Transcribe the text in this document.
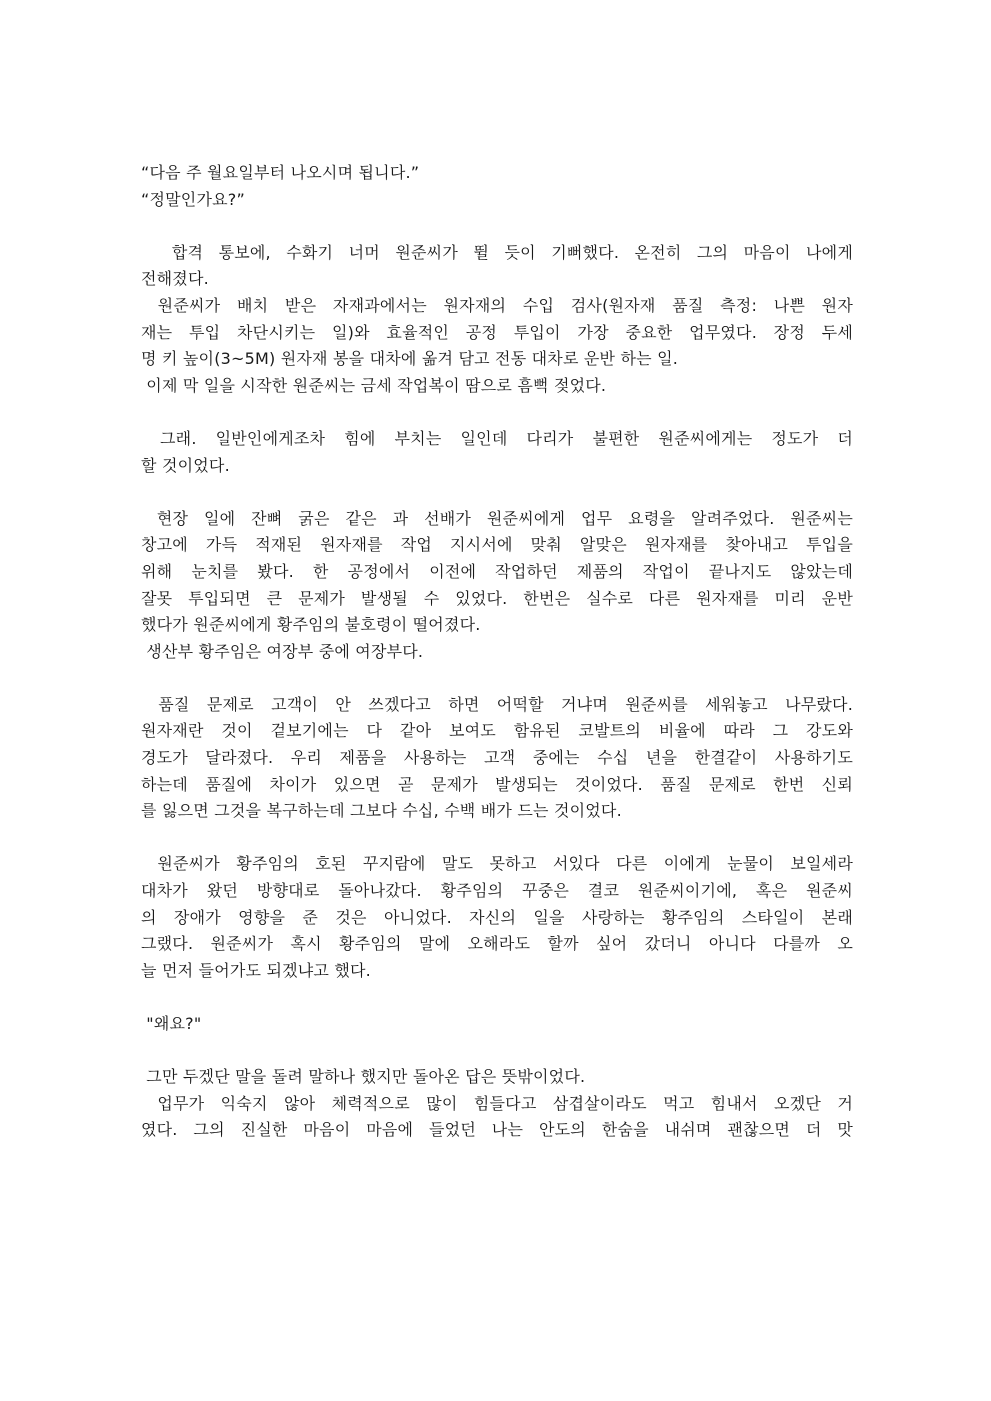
“다음 주 월요일부터 나오시며 됩니다.”
“정말인가요?”
합격 통보에, 수화기 너머 원준씨가 뛸 듯이 기뻐했다. 온전히 그의 마음이 나에게
전해졌다.
원준씨가 배치 받은 자재과에서는 원자재의 수입 검사(원자재 품질 측정: 나쁜 원자
재는 투입 차단시키는 일)와 효율적인 공정 투입이 가장 중요한 업무였다. 장정 두세
명 키 높이(3~5M) 원자재 봉을 대차에 옮겨 담고 전동 대차로 운반 하는 일.
이제 막 일을 시작한 원준씨는 금세 작업복이 땀으로 흠뻑 젖었다.
그래. 일반인에게조차 힘에 부치는 일인데 다리가 불편한 원준씨에게는 정도가 더
할 것이었다.
현장 일에 잔뼈 굵은 같은 과 선배가 원준씨에게 업무 요령을 알려주었다. 원준씨는
창고에 가득 적재된 원자재를 작업 지시서에 맞춰 알맞은 원자재를 찾아내고 투입을
위해 눈치를 봤다. 한 공정에서 이전에 작업하던 제품의 작업이 끝나지도 않았는데
잘못 투입되면 큰 문제가 발생될 수 있었다. 한번은 실수로 다른 원자재를 미리 운반
했다가 원준씨에게 황주임의 불호령이 떨어졌다.
생산부 황주임은 여장부 중에 여장부다.
품질 문제로 고객이 안 쓰겠다고 하면 어떡할 거냐며 원준씨를 세워놓고 나무랐다.
원자재란 것이 겉보기에는 다 같아 보여도 함유된 코발트의 비율에 따라 그 강도와
경도가 달라졌다. 우리 제품을 사용하는 고객 중에는 수십 년을 한결같이 사용하기도
하는데 품질에 차이가 있으면 곧 문제가 발생되는 것이었다. 품질 문제로 한번 신뢰
를 잃으면 그것을 복구하는데 그보다 수십, 수백 배가 드는 것이었다.
원준씨가 황주임의 호된 꾸지람에 말도 못하고 서있다 다른 이에게 눈물이 보일세라
대차가 왔던 방향대로 돌아나갔다. 황주임의 꾸중은 결코 원준씨이기에, 혹은 원준씨
의 장애가 영향을 준 것은 아니었다. 자신의 일을 사랑하는 황주임의 스타일이 본래
그랬다. 원준씨가 혹시 황주임의 말에 오해라도 할까 싶어 갔더니 아니다 다를까 오
늘 먼저 들어가도 되겠냐고 했다.
"왜요?"
그만 두겠단 말을 돌려 말하나 했지만 돌아온 답은 뜻밖이었다.
업무가 익숙지 않아 체력적으로 많이 힘들다고 삼겹살이라도 먹고 힘내서 오겠단 거
였다. 그의 진실한 마음이 마음에 들었던 나는 안도의 한숨을 내쉬며 괜찮으면 더 맛
